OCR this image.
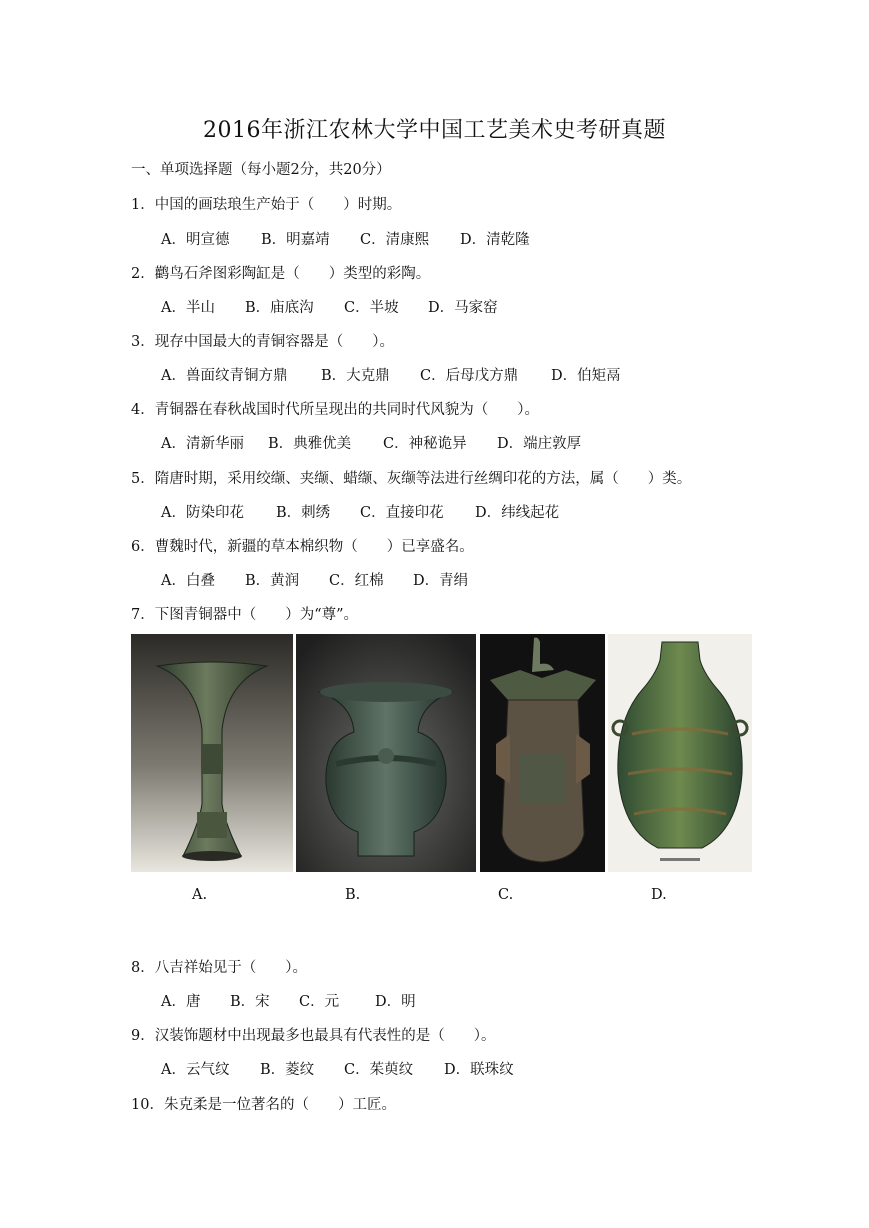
2016年浙江农林大学中国工艺美术史考研真题
一、单项选择题（每小题2分，共20分）
1．中国的画珐琅生产始于（　　）时期。
A．明宣德 B．明嘉靖 C．清康熙 D．清乾隆
2．鹳鸟石斧图彩陶缸是（　　）类型的彩陶。
A．半山 B．庙底沟 C．半坡 D．马家窑
3．现存中国最大的青铜容器是（　　）。
A．兽面纹青铜方鼎 B．大克鼎 C．后母戊方鼎 D．伯矩鬲
4．青铜器在春秋战国时代所呈现出的共同时代风貌为（　　）。
A．清新华丽 B．典雅优美 C．神秘诡异 D．端庄敦厚
5．隋唐时期，采用绞缬、夹缬、蜡缬、灰缬等法进行丝绸印花的方法，属（　　）类。
A．防染印花 B．刺绣 C．直接印花 D．纬线起花
6．曹魏时代，新疆的草本棉织物（　　）已享盛名。
A．白叠 B．黄润 C．红棉 D．青绢
7．下图青铜器中（　　）为“尊”。
A.	B.	C.	D.
8．八吉祥始见于（　　）。
A．唐 B．宋 C．元 D．明
9．汉装饰题材中出现最多也最具有代表性的是（　　）。
A．云气纹 B．菱纹 C．茱萸纹 D．联珠纹
10．朱克柔是一位著名的（　　）工匠。
